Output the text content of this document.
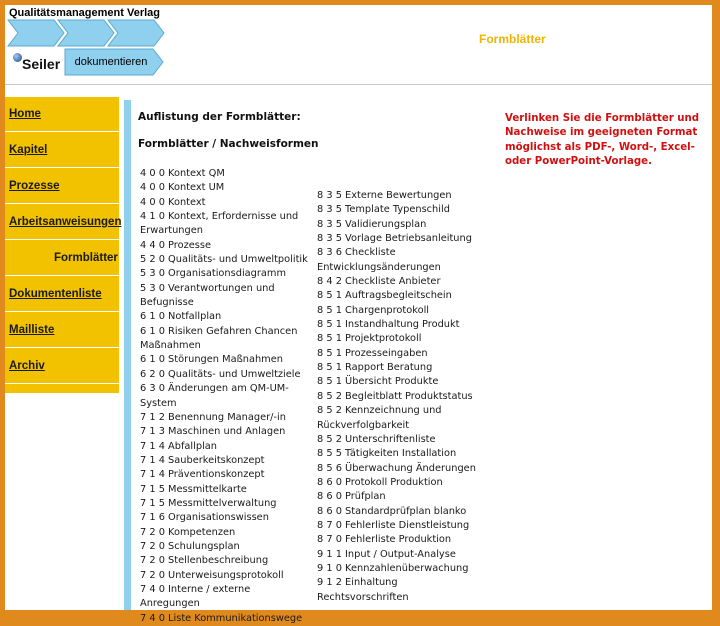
Qualitätsmanagement Verlag
Seiler	dokumentieren
Formblätter
Home
Kapitel
Prozesse
Arbeitsanweisungen
Formblätter
Dokumentenliste
Mailliste
Archiv
Auflistung der Formblätter:
Formblätter / Nachweisformen
4 0 0 Kontext QM
4 0 0 Kontext UM
4 0 0 Kontext
4 1 0 Kontext, Erfordernisse und Erwartungen
4 4 0 Prozesse
5 2 0 Qualitäts- und Umweltpolitik
5 3 0 Organisationsdiagramm
5 3 0 Verantwortungen und Befugnisse
6 1 0 Notfallplan
6 1 0 Risiken Gefahren Chancen Maßnahmen
6 1 0 Störungen Maßnahmen
6 2 0 Qualitäts- und Umweltziele
6 3 0 Änderungen am QM-UM-System
7 1 2 Benennung Manager/-in
7 1 3 Maschinen und Anlagen
7 1 4 Abfallplan
7 1 4 Sauberkeitskonzept
7 1 4 Präventionskonzept
7 1 5 Messmittelkarte
7 1 5 Messmittelverwaltung
7 1 6 Organisationswissen
7 2 0 Kompetenzen
7 2 0 Schulungsplan
7 2 0 Stellenbeschreibung
7 2 0 Unterweisungsprotokoll
7 4 0 Interne / externe Anregungen
7 4 0 Liste Kommunikationswege
8 3 5 Externe Bewertungen
8 3 5 Template Typenschild
8 3 5 Validierungsplan
8 3 5 Vorlage Betriebsanleitung
8 3 6 Checkliste Entwicklungsänderungen
8 4 2 Checkliste Anbieter
8 5 1 Auftragsbegleitschein
8 5 1 Chargenprotokoll
8 5 1 Instandhaltung Produkt
8 5 1 Projektprotokoll
8 5 1 Prozesseingaben
8 5 1 Rapport Beratung
8 5 1 Übersicht Produkte
8 5 2 Begleitblatt Produktstatus
8 5 2 Kennzeichnung und Rückverfolgbarkeit
8 5 2 Unterschriftenliste
8 5 5 Tätigkeiten Installation
8 5 6 Überwachung Änderungen
8 6 0 Protokoll Produktion
8 6 0 Prüfplan
8 6 0 Standardprüfplan blanko
8 7 0 Fehlerliste Dienstleistung
8 7 0 Fehlerliste Produktion
9 1 1 Input / Output-Analyse
9 1 0 Kennzahlenüberwachung
9 1 2 Einhaltung Rechtsvorschriften
Verlinken Sie die Formblätter und Nachweise im geeigneten Format möglichst als PDF-, Word-, Excel- oder PowerPoint-Vorlage.
